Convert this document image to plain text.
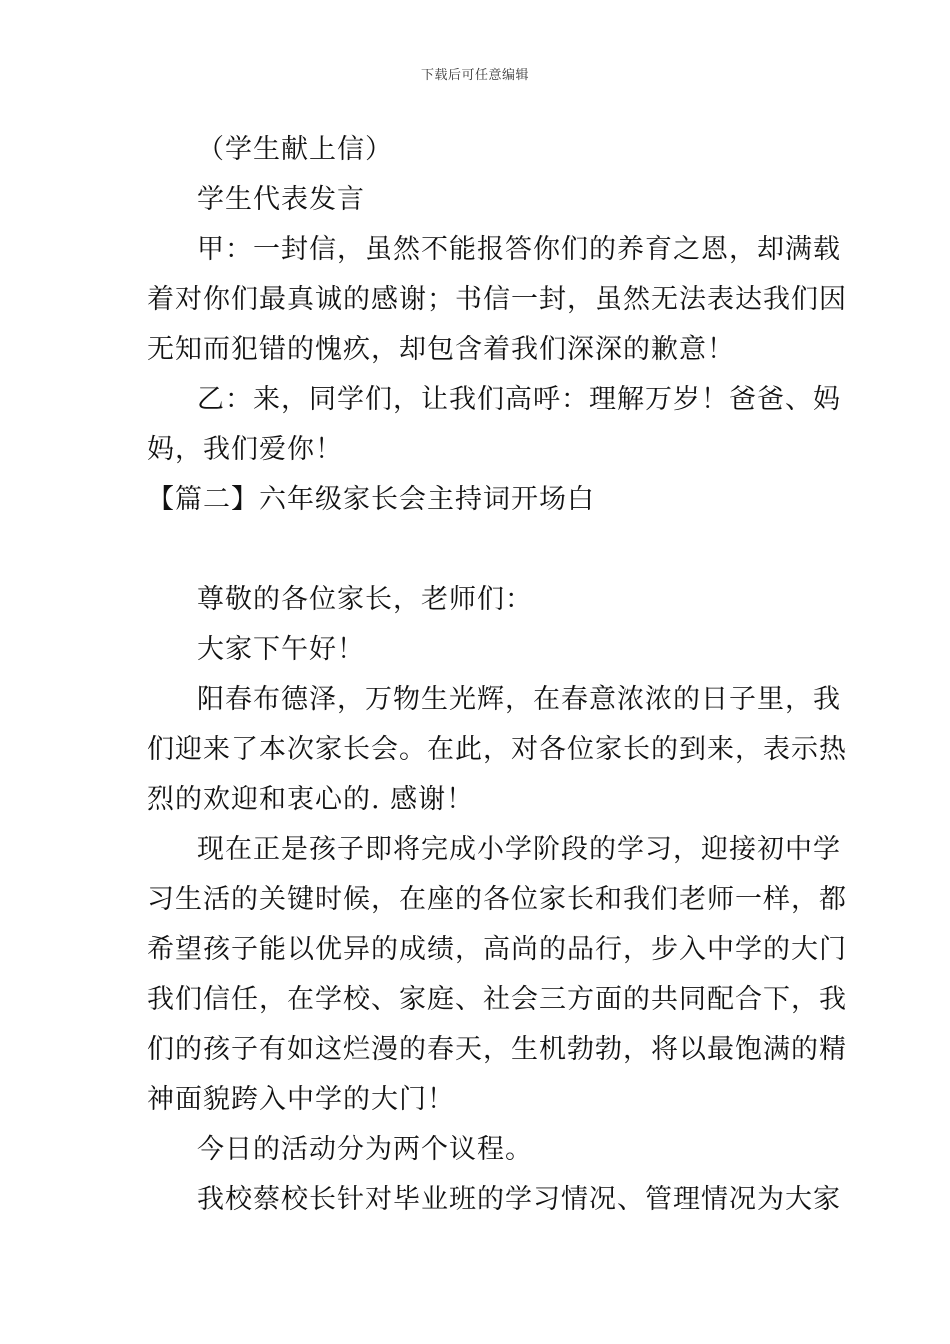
下载后可任意编辑
（学生献上信）
学生代表发言
甲：一封信，虽然不能报答你们的养育之恩，却满载
着对你们最真诚的感谢；书信一封，虽然无法表达我们因
无知而犯错的愧疚，却包含着我们深深的歉意！
乙：来，同学们，让我们高呼：理解万岁！爸爸、妈
妈，我们爱你！
【篇二】六年级家长会主持词开场白
尊敬的各位家长，老师们：
大家下午好！
阳春布德泽，万物生光辉，在春意浓浓的日子里，我
们迎来了本次家长会。在此，对各位家长的到来，表示热
烈的欢迎和衷心的. 感谢！
现在正是孩子即将完成小学阶段的学习，迎接初中学
习生活的关键时候，在座的各位家长和我们老师一样，都
希望孩子能以优异的成绩，高尚的品行，步入中学的大门
我们信任，在学校、家庭、社会三方面的共同配合下，我
们的孩子有如这烂漫的春天，生机勃勃，将以最饱满的精
神面貌跨入中学的大门！
今日的活动分为两个议程。
我校蔡校长针对毕业班的学习情况、管理情况为大家
